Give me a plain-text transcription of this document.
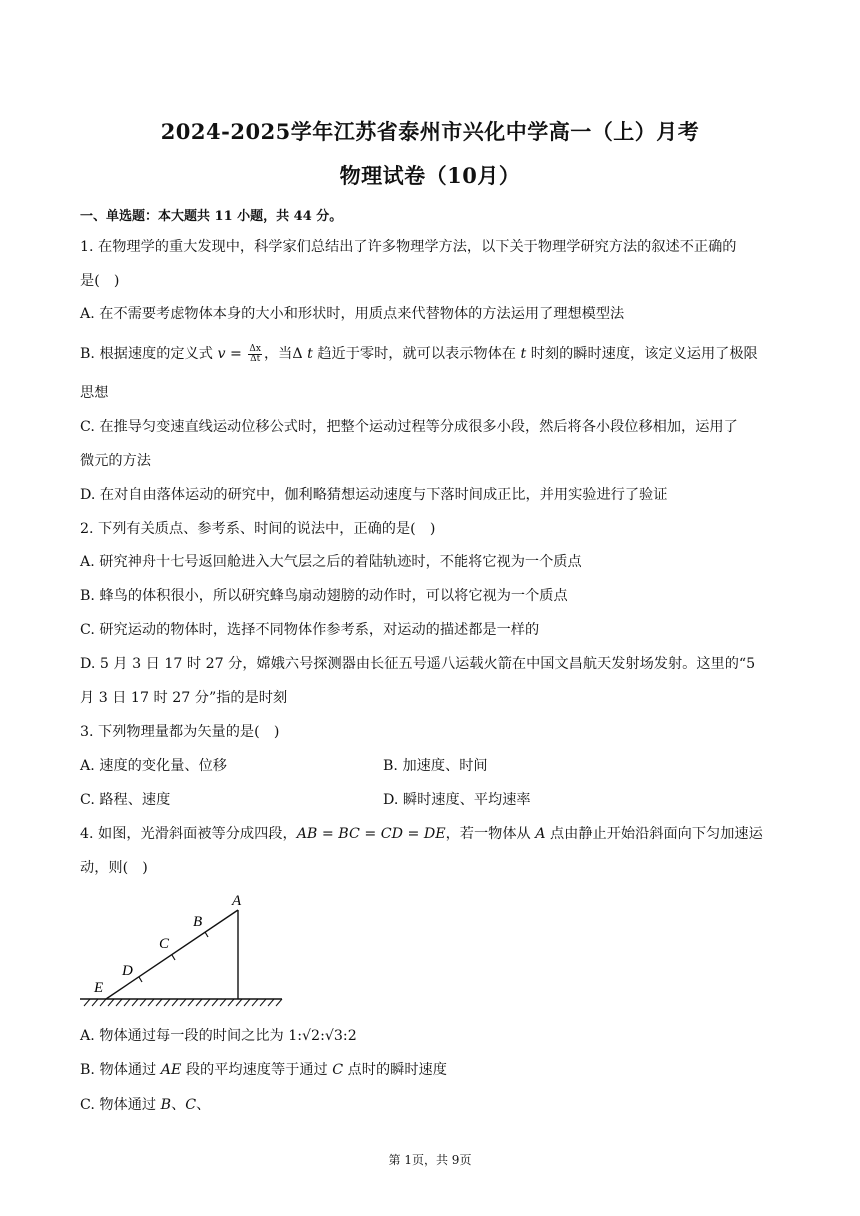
2024-2025学年江苏省泰州市兴化中学高一（上）月考
物理试卷（10月）
一、单选题：本大题共 11 小题，共 44 分。
1. 在物理学的重大发现中，科学家们总结出了许多物理学方法，以下关于物理学研究方法的叙述不正确的
是(　)
A. 在不需要考虑物体本身的大小和形状时，用质点来代替物体的方法运用了理想模型法
B. 根据速度的定义式 $v = \frac{\Delta x}{\Delta t}$ ，当Δ t 趋近于零时，就可以表示物体在 t 时刻的瞬时速度，该定义运用了极限
思想
C. 在推导匀变速直线运动位移公式时，把整个运动过程等分成很多小段，然后将各小段位移相加，运用了
微元的方法
D. 在对自由落体运动的研究中，伽利略猜想运动速度与下落时间成正比，并用实验进行了验证
2. 下列有关质点、参考系、时间的说法中，正确的是(　)
A. 研究神舟十七号返回舱进入大气层之后的着陆轨迹时，不能将它视为一个质点
B. 蜂鸟的体积很小，所以研究蜂鸟扇动翅膀的动作时，可以将它视为一个质点
C. 研究运动的物体时，选择不同物体作参考系，对运动的描述都是一样的
D. 5 月 3 日 17 时 27 分，嫦娥六号探测器由长征五号遥八运载火箭在中国文昌航天发射场发射。这里的“5
月 3 日 17 时 27 分”指的是时刻
3. 下列物理量都为矢量的是(　)
A. 速度的变化量、位移	B. 加速度、时间
C. 路程、速度	D. 瞬时速度、平均速率
4. 如图，光滑斜面被等分成四段，AB = BC = CD = DE，若一物体从 A 点由静止开始沿斜面向下匀加速运
动，则(　)
A
B
C
D
E
A. 物体通过每一段的时间之比为 1:√2:√3:2
B. 物体通过 AE 段的平均速度等于通过 C 点时的瞬时速度
C. 物体通过 B、C、
第 1页，共 9页
